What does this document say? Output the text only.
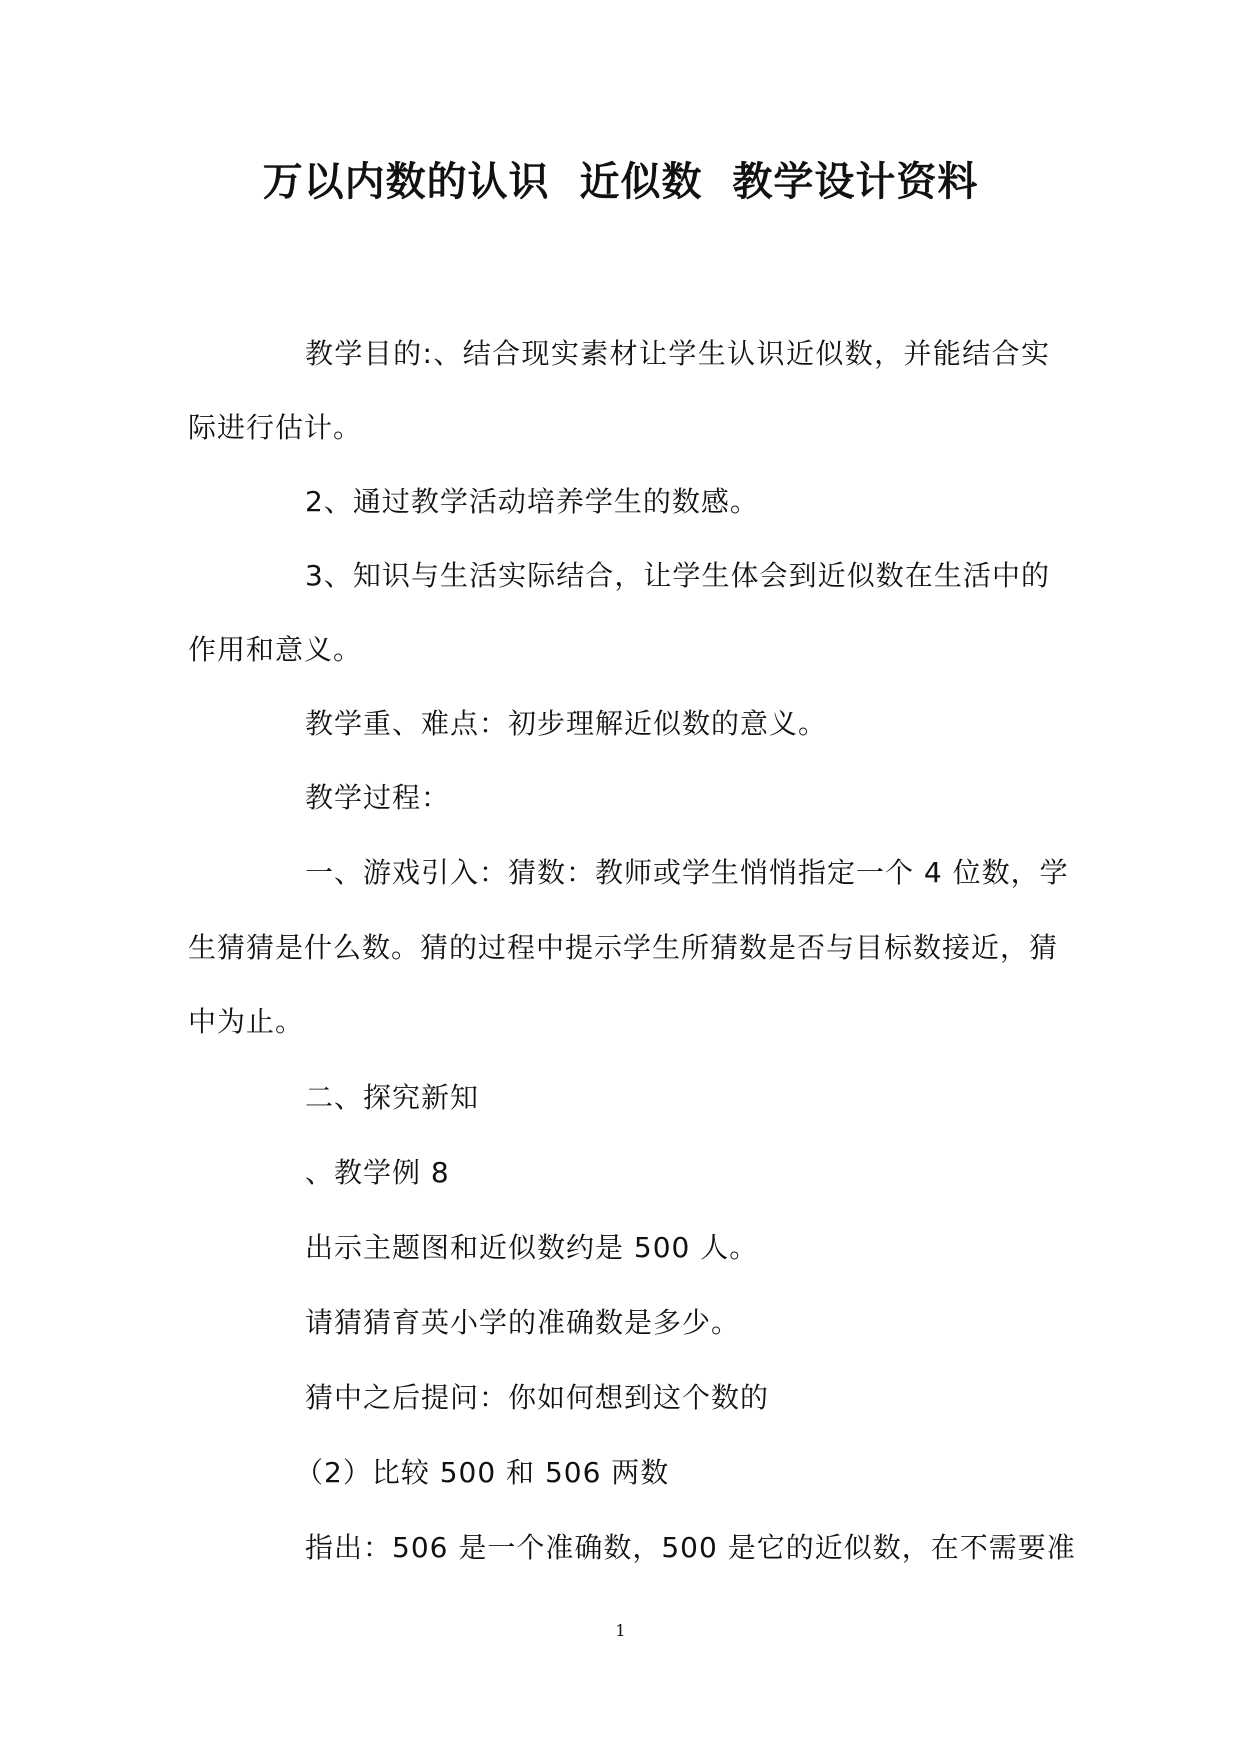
万以内数的认识  近似数  教学设计资料
教学目的:、结合现实素材让学生认识近似数，并能结合实
际进行估计。
2、通过教学活动培养学生的数感。
3、知识与生活实际结合，让学生体会到近似数在生活中的
作用和意义。
教学重、难点：初步理解近似数的意义。
教学过程：
一、游戏引入：猜数：教师或学生悄悄指定一个 4 位数，学
生猜猜是什么数。猜的过程中提示学生所猜数是否与目标数接近，猜
中为止。
二、探究新知
、教学例 8
出示主题图和近似数约是 500 人。
请猜猜育英小学的准确数是多少。
猜中之后提问：你如何想到这个数的
（2）比较 500 和 506 两数
指出：506 是一个准确数，500 是它的近似数，在不需要准
1
